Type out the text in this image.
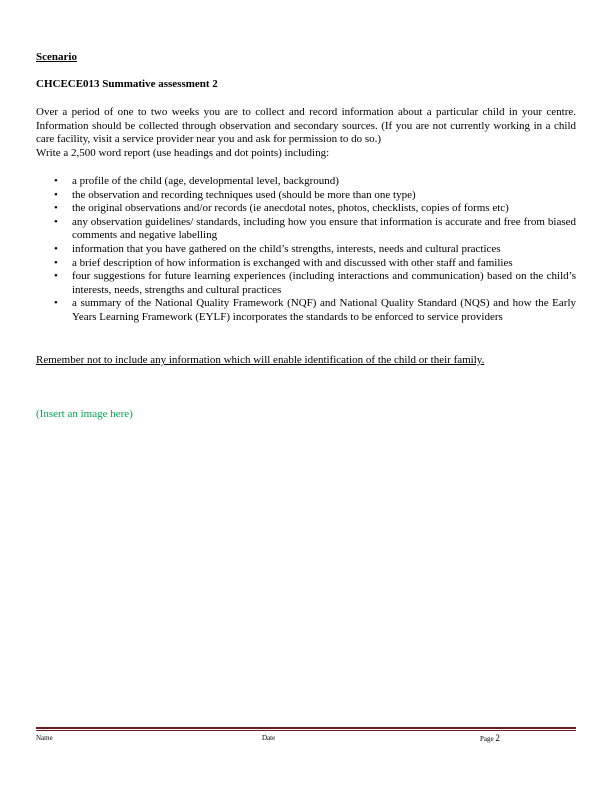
Scenario
CHCECE013 Summative assessment 2

Over a period of one to two weeks you are to collect and record information about a particular child in your centre. Information should be collected through observation and secondary sources. (If you are not currently working in a child care facility, visit a service provider near you and ask for permission to do so.)

Write a 2,500 word report (use headings and dot points) including:

• a profile of the child (age, developmental level, background)
• the observation and recording techniques used (should be more than one type)
• the original observations and/or records (ie anecdotal notes, photos, checklists, copies of forms etc)
• any observation guidelines/ standards, including how you ensure that information is accurate and free from biased comments and negative labelling
• information that you have gathered on the child’s strengths, interests, needs and cultural practices
• a brief description of how information is exchanged with and discussed with other staff and families
• four suggestions for future learning experiences (including interactions and communication) based on the child’s interests, needs, strengths and cultural practices
• a summary of the National Quality Framework (NQF) and National Quality Standard (NQS) and how the Early Years Learning Framework (EYLF) incorporates the standards to be enforced to service providers
Remember not to include any information which will enable identification of the child or their family.
(Insert an image here)
Name	Date	Page 2
